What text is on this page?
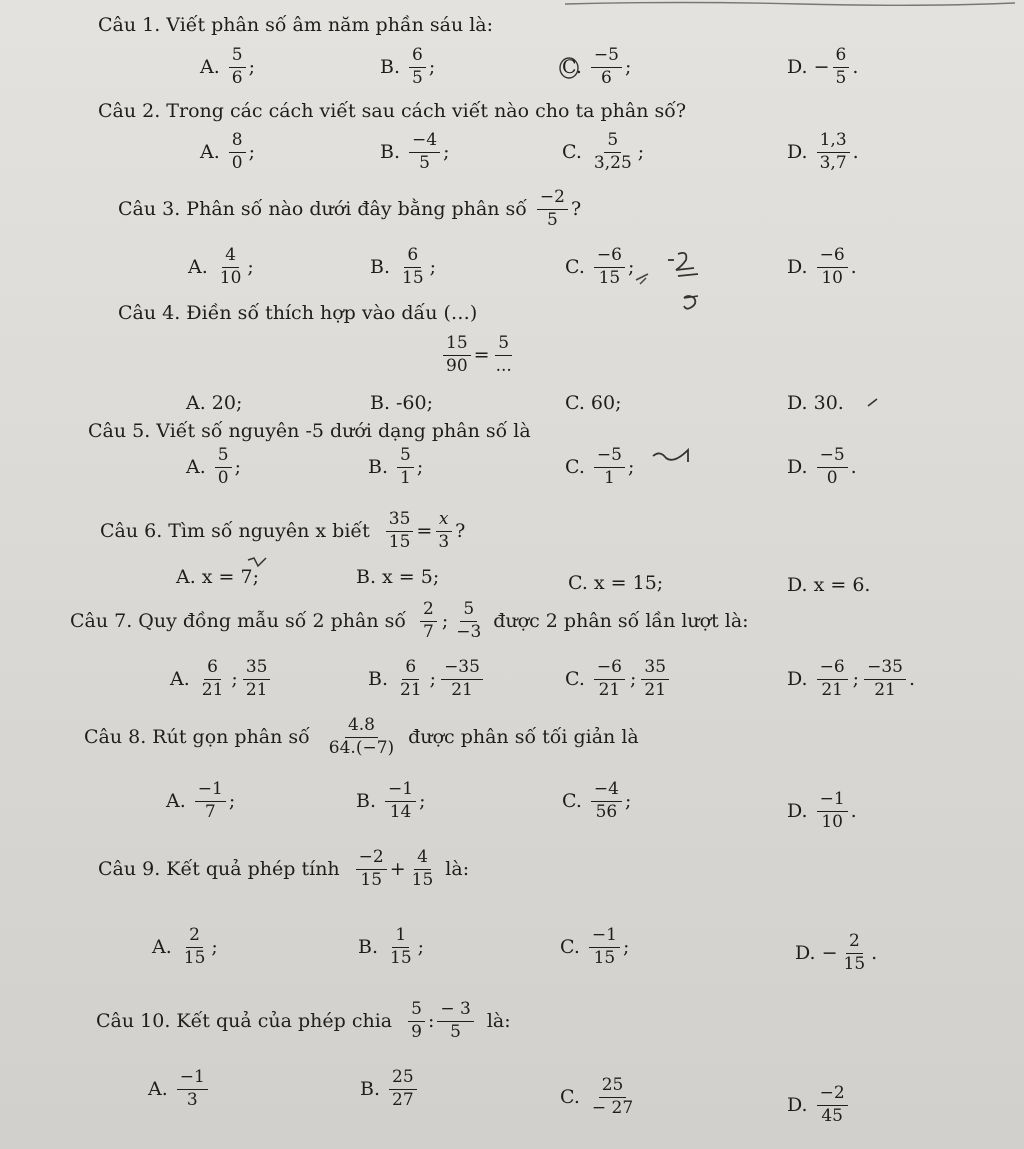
Câu 1. Viết phân số âm năm phần sáu là:
A. $\frac{5}{6}$ ;	B. $\frac{6}{5}$ ;	C. $\frac{-5}{6}$ ;	D. − $\frac{6}{5}$ .
Câu 2. Trong các cách viết sau cách viết nào cho ta phân số?
A. $\frac{8}{0}$ ;	B. $\frac{-4}{5}$ ;	C. $\frac{5}{3,25}$ ;	D. $\frac{1,3}{3,7}$ .
Câu 3. Phân số nào dưới đây bằng phân số $\frac{-2}{5}$ ?
A. $\frac{4}{10}$ ;	B. $\frac{6}{15}$ ;	C. $\frac{-6}{15}$ ;	D. $\frac{-6}{10}$ .
Câu 4. Điền số thích hợp vào dấu (…)
$\frac{15}{90} = \frac{5}{...}$
A. 20;	B. -60;	C. 60;	D. 30.
Câu 5. Viết số nguyên -5 dưới dạng phân số là
A. $\frac{5}{0}$ ;	B. $\frac{5}{1}$ ;	C. $\frac{-5}{1}$ ;	D. $\frac{-5}{0}$ .
Câu 6. Tìm số nguyên x biết $\frac{35}{15} = \frac{x}{3}$ ?
A. x = 7;	B. x = 5;	C. x = 15;	D. x = 6.
Câu 7. Quy đồng mẫu số 2 phân số $\frac{2}{7}$ ; $\frac{5}{-3}$ được 2 phân số lần lượt là:
A. $\frac{6}{21}$ ; $\frac{35}{21}$	B. $\frac{6}{21}$ ; $\frac{-35}{21}$	C. $\frac{-6}{21}$ ; $\frac{35}{21}$	D. $\frac{-6}{21}$ ; $\frac{-35}{21}$ .
Câu 8. Rút gọn phân số $\frac{4.8}{64.(-7)}$ được phân số tối giản là
A. $\frac{-1}{7}$ ;	B. $\frac{-1}{14}$ ;	C. $\frac{-4}{56}$ ;	D. $\frac{-1}{10}$ .
Câu 9. Kết quả phép tính $\frac{-2}{15} + \frac{4}{15}$ là:
A. $\frac{2}{15}$ ;	B. $\frac{1}{15}$ ;	C. $\frac{-1}{15}$ ;	D. − $\frac{2}{15}$ .
Câu 10. Kết quả của phép chia $\frac{5}{9}$ : $\frac{- 3}{5}$ là:
A. $\frac{-1}{3}$	B. $\frac{25}{27}$	C. $\frac{25}{- 27}$	D. $\frac{-2}{45}$
